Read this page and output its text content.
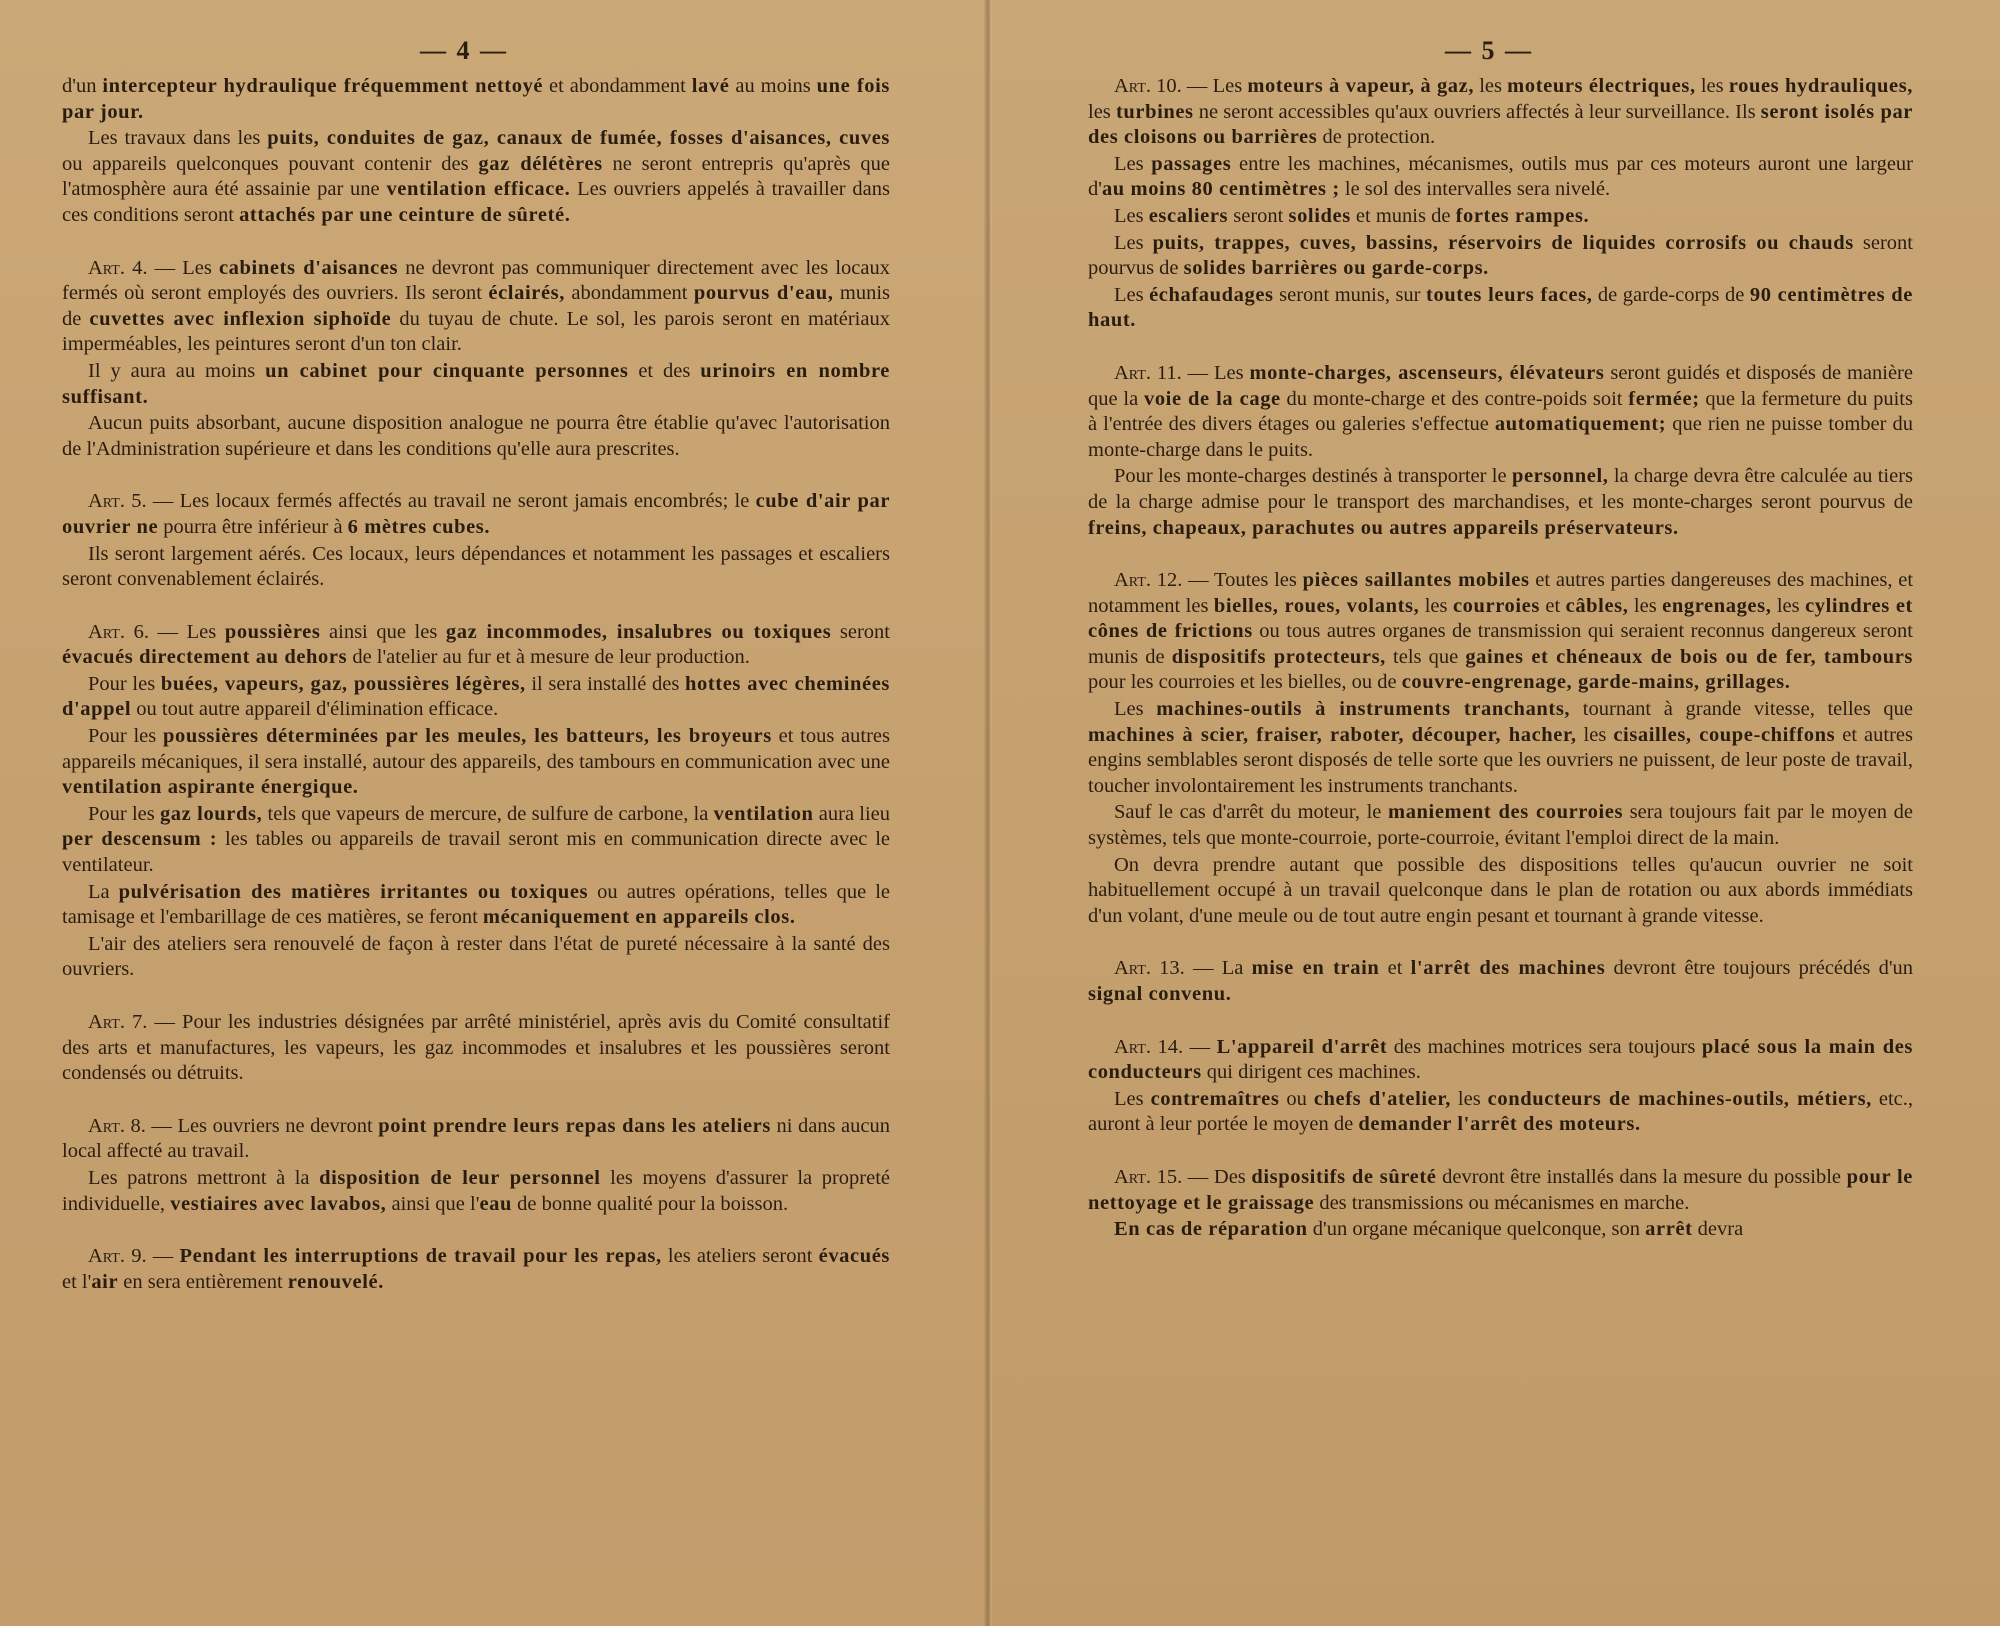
— 4 —	— 5 —

d'un intercepteur hydraulique fréquemment nettoyé et abondamment lavé au moins une fois par jour.

Les travaux dans les puits, conduites de gaz, canaux de fumée, fosses d'aisances, cuves ou appareils quelconques pouvant contenir des gaz délétères ne seront entrepris qu'après que l'atmosphère aura été assainie par une ventilation efficace. Les ouvriers appelés à travailler dans ces conditions seront attachés par une ceinture de sûreté.

Art. 4. — Les cabinets d'aisances ne devront pas communiquer directement avec les locaux fermés où seront employés des ouvriers. Ils seront éclairés, abondamment pourvus d'eau, munis de cuvettes avec inflexion siphoïde du tuyau de chute. Le sol, les parois seront en matériaux imperméables, les peintures seront d'un ton clair.

Il y aura au moins un cabinet pour cinquante personnes et des urinoirs en nombre suffisant.

Aucun puits absorbant, aucune disposition analogue ne pourra être établie qu'avec l'autorisation de l'Administration supérieure et dans les conditions qu'elle aura prescrites.

Art. 5. — Les locaux fermés affectés au travail ne seront jamais encombrés; le cube d'air par ouvrier ne pourra être inférieur à 6 mètres cubes.

Ils seront largement aérés. Ces locaux, leurs dépendances et notamment les passages et escaliers seront convenablement éclairés.

Art. 6. — Les poussières ainsi que les gaz incommodes, insalubres ou toxiques seront évacués directement au dehors de l'atelier au fur et à mesure de leur production.

Pour les buées, vapeurs, gaz, poussières légères, il sera installé des hottes avec cheminées d'appel ou tout autre appareil d'élimination efficace.

Pour les poussières déterminées par les meules, les batteurs, les broyeurs et tous autres appareils mécaniques, il sera installé, autour des appareils, des tambours en communication avec une ventilation aspirante énergique.

Pour les gaz lourds, tels que vapeurs de mercure, de sulfure de carbone, la ventilation aura lieu per descensum : les tables ou appareils de travail seront mis en communication directe avec le ventilateur.

La pulvérisation des matières irritantes ou toxiques ou autres opérations, telles que le tamisage et l'embarillage de ces matières, se feront mécaniquement en appareils clos.

L'air des ateliers sera renouvelé de façon à rester dans l'état de pureté nécessaire à la santé des ouvriers.

Art. 7. — Pour les industries désignées par arrêté ministériel, après avis du Comité consultatif des arts et manufactures, les vapeurs, les gaz incommodes et insalubres et les poussières seront condensés ou détruits.

Art. 8. — Les ouvriers ne devront point prendre leurs repas dans les ateliers ni dans aucun local affecté au travail.

Les patrons mettront à la disposition de leur personnel les moyens d'assurer la propreté individuelle, vestiaires avec lavabos, ainsi que l'eau de bonne qualité pour la boisson.

Art. 9. — Pendant les interruptions de travail pour les repas, les ateliers seront évacués et l'air en sera entièrement renouvelé.

Art. 10. — Les moteurs à vapeur, à gaz, les moteurs électriques, les roues hydrauliques, les turbines ne seront accessibles qu'aux ouvriers affectés à leur surveillance. Ils seront isolés par des cloisons ou barrières de protection.

Les passages entre les machines, mécanismes, outils mus par ces moteurs auront une largeur d'au moins 80 centimètres ; le sol des intervalles sera nivelé.

Les escaliers seront solides et munis de fortes rampes.

Les puits, trappes, cuves, bassins, réservoirs de liquides corrosifs ou chauds seront pourvus de solides barrières ou garde-corps.

Les échafaudages seront munis, sur toutes leurs faces, de garde-corps de 90 centimètres de haut.

Art. 11. — Les monte-charges, ascenseurs, élévateurs seront guidés et disposés de manière que la voie de la cage du monte-charge et des contre-poids soit fermée; que la fermeture du puits à l'entrée des divers étages ou galeries s'effectue automatiquement; que rien ne puisse tomber du monte-charge dans le puits.

Pour les monte-charges destinés à transporter le personnel, la charge devra être calculée au tiers de la charge admise pour le transport des marchandises, et les monte-charges seront pourvus de freins, chapeaux, parachutes ou autres appareils préservateurs.

Art. 12. — Toutes les pièces saillantes mobiles et autres parties dangereuses des machines, et notamment les bielles, roues, volants, les courroies et câbles, les engrenages, les cylindres et cônes de frictions ou tous autres organes de transmission qui seraient reconnus dangereux seront munis de dispositifs protecteurs, tels que gaines et chéneaux de bois ou de fer, tambours pour les courroies et les bielles, ou de couvre-engrenage, garde-mains, grillages.

Les machines-outils à instruments tranchants, tournant à grande vitesse, telles que machines à scier, fraiser, raboter, découper, hacher, les cisailles, coupe-chiffons et autres engins semblables seront disposés de telle sorte que les ouvriers ne puissent, de leur poste de travail, toucher involontairement les instruments tranchants.

Sauf le cas d'arrêt du moteur, le maniement des courroies sera toujours fait par le moyen de systèmes, tels que monte-courroie, porte-courroie, évitant l'emploi direct de la main.

On devra prendre autant que possible des dispositions telles qu'aucun ouvrier ne soit habituellement occupé à un travail quelconque dans le plan de rotation ou aux abords immédiats d'un volant, d'une meule ou de tout autre engin pesant et tournant à grande vitesse.

Art. 13. — La mise en train et l'arrêt des machines devront être toujours précédés d'un signal convenu.

Art. 14. — L'appareil d'arrêt des machines motrices sera toujours placé sous la main des conducteurs qui dirigent ces machines.

Les contremaîtres ou chefs d'atelier, les conducteurs de machines-outils, métiers, etc., auront à leur portée le moyen de demander l'arrêt des moteurs.

Art. 15. — Des dispositifs de sûreté devront être installés dans la mesure du possible pour le nettoyage et le graissage des transmissions ou mécanismes en marche.

En cas de réparation d'un organe mécanique quelconque, son arrêt devra
